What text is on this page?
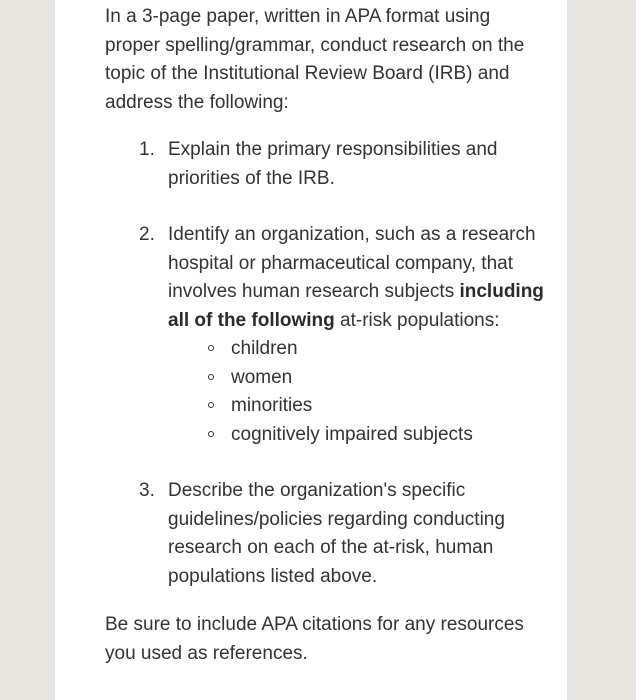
In a 3-page paper, written in APA format using proper spelling/grammar, conduct research on the topic of the Institutional Review Board (IRB) and address the following:

1. Explain the primary responsibilities and priorities of the IRB.
2. Identify an organization, such as a research hospital or pharmaceutical company, that involves human research subjects including all of the following at-risk populations:
children
women
minorities
cognitively impaired subjects
3. Describe the organization's specific guidelines/policies regarding conducting research on each of the at-risk, human populations listed above.

Be sure to include APA citations for any resources you used as references.
